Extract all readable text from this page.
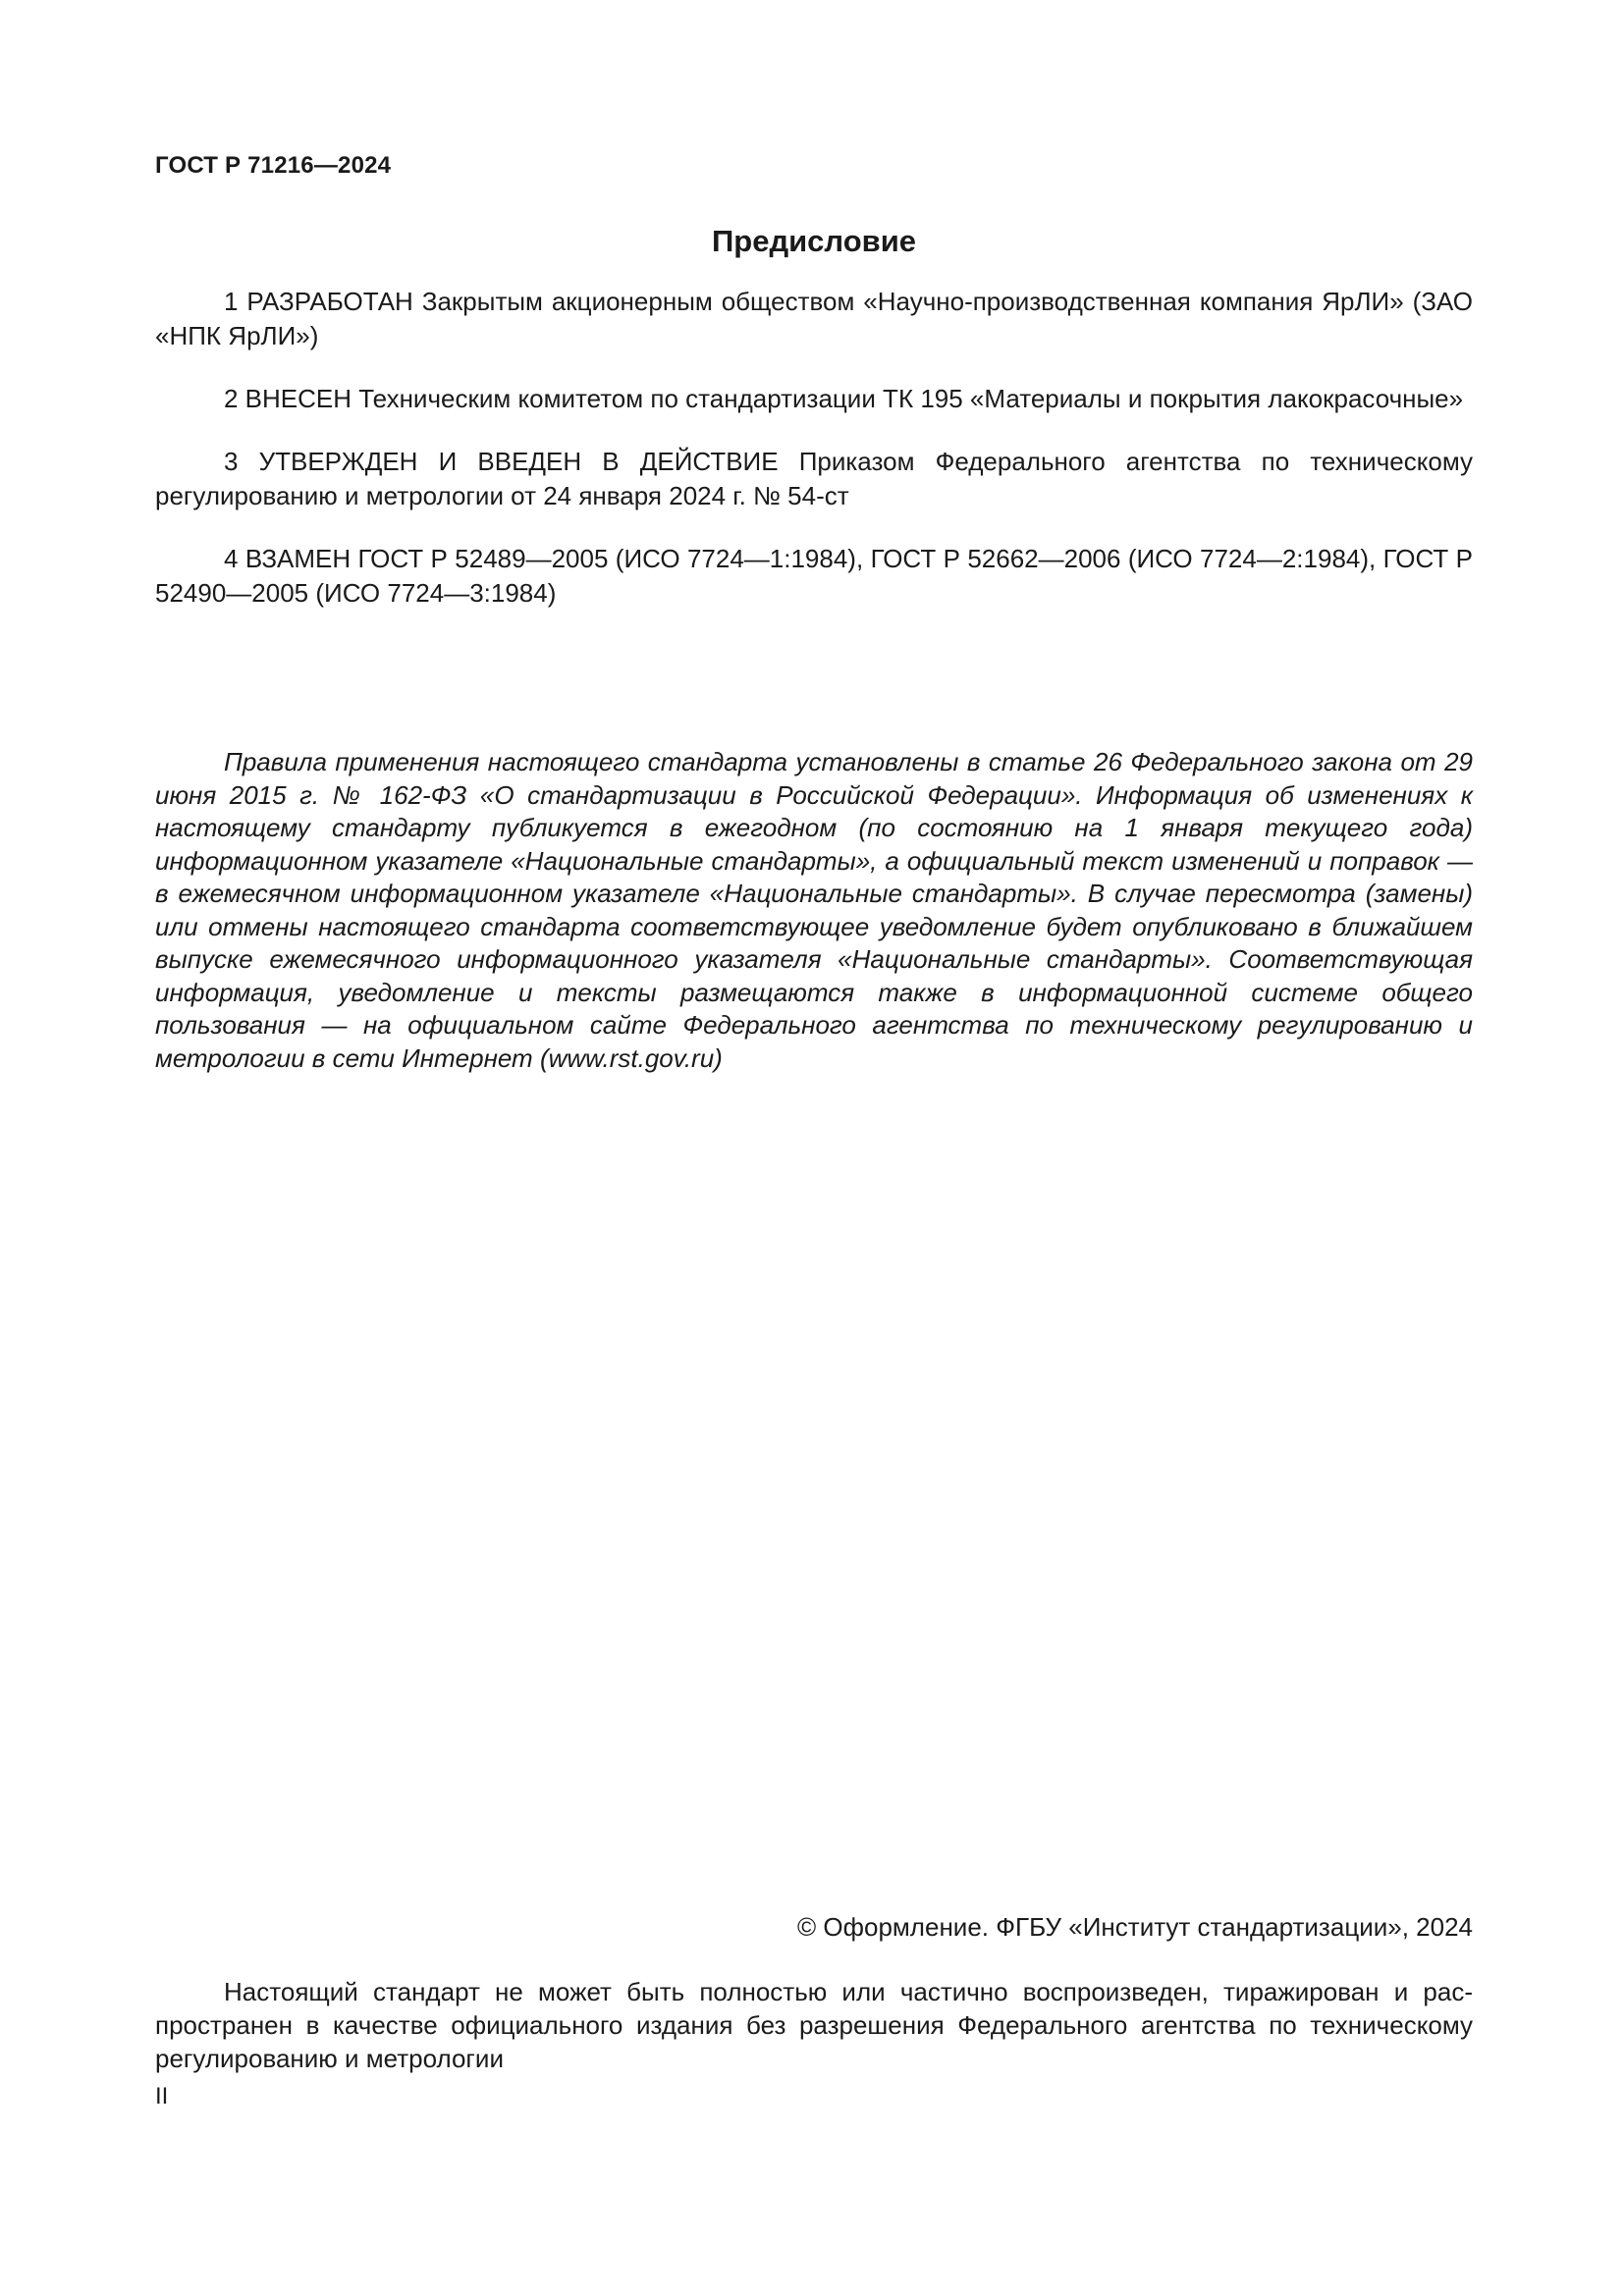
ГОСТ Р 71216—2024
Предисловие

1 РАЗРАБОТАН Закрытым акционерным обществом «Научно-производственная компания ЯрЛИ» (ЗАО «НПК ЯрЛИ»)

2 ВНЕСЕН Техническим комитетом по стандартизации ТК 195 «Материалы и покрытия лакокрасочные»

3 УТВЕРЖДЕН И ВВЕДЕН В ДЕЙСТВИЕ Приказом Федерального агентства по техническому регулированию и метрологии от 24 января 2024 г. № 54-ст

4 ВЗАМЕН ГОСТ Р 52489—2005 (ИСО 7724—1:1984), ГОСТ Р 52662—2006 (ИСО 7724—2:1984), ГОСТ Р 52490—2005 (ИСО 7724—3:1984)

Правила применения настоящего стандарта установлены в статье 26 Федерального закона от 29 июня 2015 г. № 162-ФЗ «О стандартизации в Российской Федерации». Информация об изменениях к настоящему стандарту публикуется в ежегодном (по состоянию на 1 января текущего года) информационном указателе «Национальные стандарты», а официальный текст изменений и поправок — в ежемесячном информационном указателе «Национальные стандарты». В случае пересмотра (замены) или отмены настоящего стандарта соответствующее уведомление будет опубликовано в ближайшем выпуске ежемесячного информационного указателя «Национальные стандарты». Соответствующая информация, уведомление и тексты размещаются также в информационной системе общего пользования — на официальном сайте Федерального агентства по техническому регулированию и метрологии в сети Интернет (www.rst.gov.ru)

© Оформление. ФГБУ «Институт стандартизации», 2024

Настоящий стандарт не может быть полностью или частично воспроизведен, тиражирован и распространен в качестве официального издания без разрешения Федерального агентства по техническому регулированию и метрологии

II
